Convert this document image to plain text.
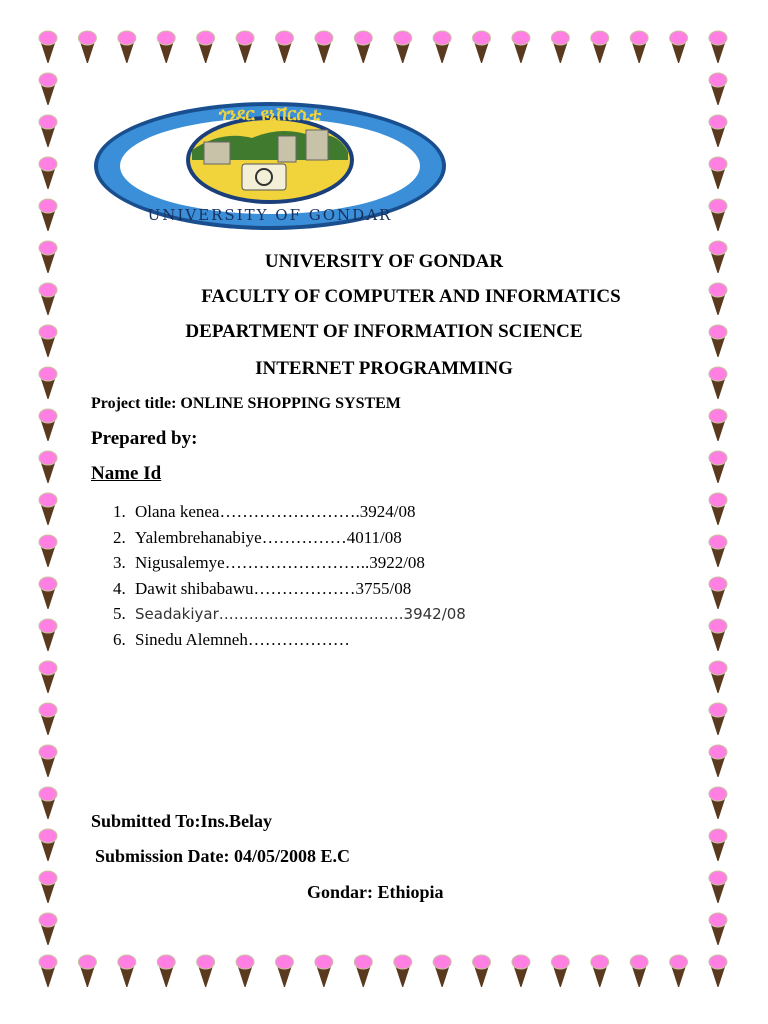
ጎንደር ዩኒቨርሲቲ
UNIVERSITY OF GONDAR
UNIVERSITY OF GONDAR
FACULTY OF COMPUTER AND INFORMATICS
DEPARTMENT OF INFORMATION SCIENCE
INTERNET PROGRAMMING
Project title: ONLINE SHOPPING SYSTEM
Prepared by:
Name Id
1. Olana kenea…………………….3924/08
2. Yalembrehanabiye……………4011/08
3. Nigusalemye……………………..3922/08
4. Dawit shibabawu………………3755/08
5. Seadakiyar……………………………….3942/08
6. Sinedu Alemneh………………
Submitted To:Ins.Belay
Submission Date: 04/05/2008 E.C
Gondar: Ethiopia
